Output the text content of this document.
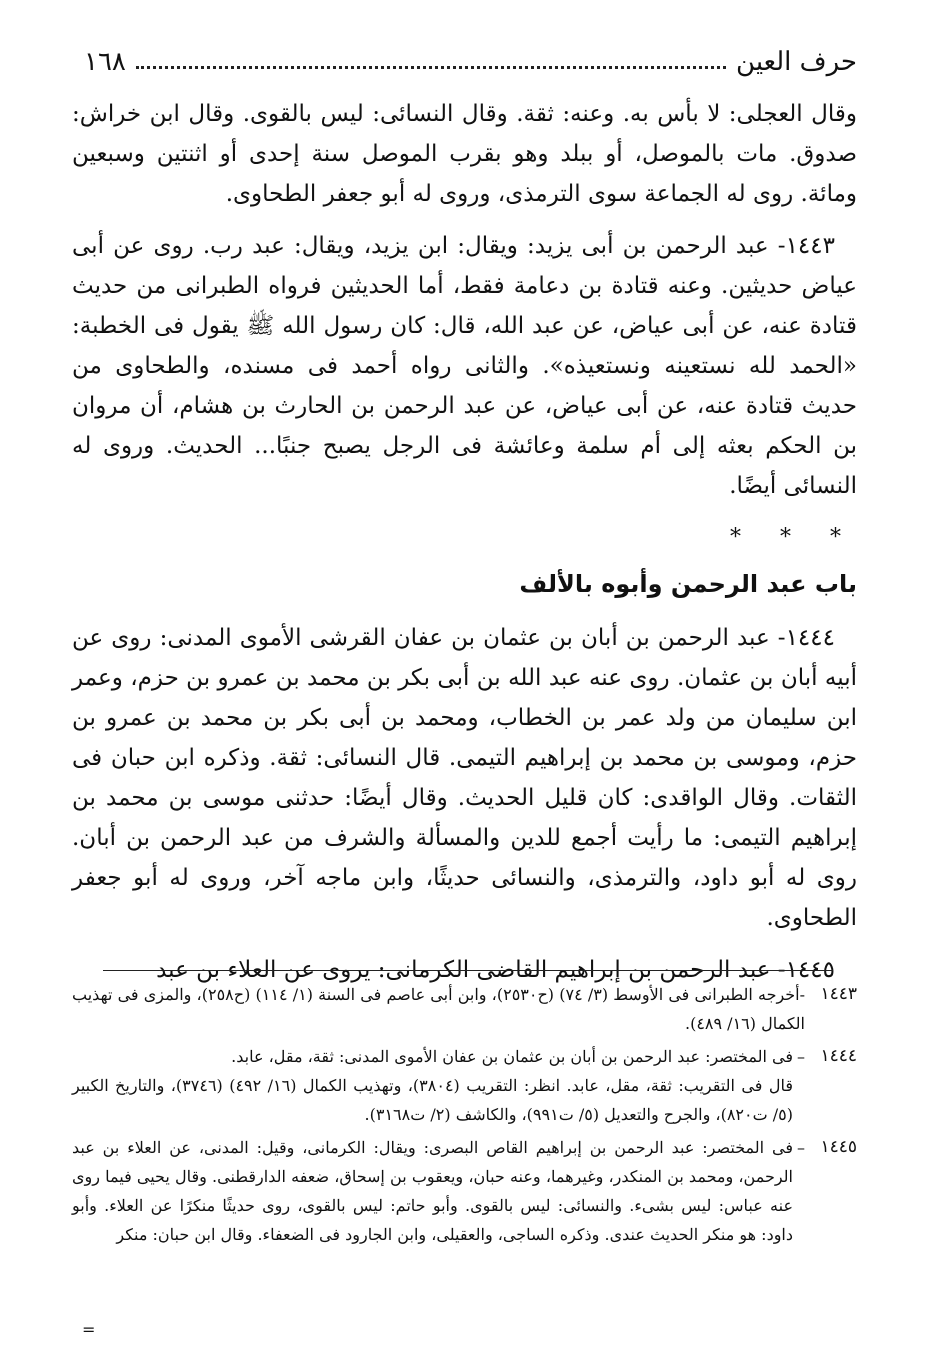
حرف العين
١٦٨

وقال العجلى: لا بأس به. وعنه: ثقة. وقال النسائى: ليس بالقوى. وقال ابن خراش: صدوق. مات بالموصل، أو ببلد وهو بقرب الموصل سنة إحدى أو اثنتين وسبعين ومائة. روى له الجماعة سوى الترمذى، وروى له أبو جعفر الطحاوى.

١٤٤٣- عبد الرحمن بن أبى يزيد: ويقال: ابن يزيد، ويقال: عبد رب. روى عن أبى عياض حديثين. وعنه قتادة بن دعامة فقط، أما الحديثين فرواه الطبرانى من حديث قتادة عنه، عن أبى عياض، عن عبد الله، قال: كان رسول الله ﷺ يقول فى الخطبة: «الحمد لله نستعينه ونستعيذه». والثانى رواه أحمد فى مسنده، والطحاوى من حديث قتادة عنه، عن أبى عياض، عن عبد الرحمن بن الحارث بن هشام، أن مروان بن الحكم بعثه إلى أم سلمة وعائشة فى الرجل يصبح جنبًا... الحديث. وروى له النسائى أيضًا.

* * *
باب عبد الرحمن وأبوه بالألف

١٤٤٤- عبد الرحمن بن أبان بن عثمان بن عفان القرشى الأموى المدنى: روى عن أبيه أبان بن عثمان. روى عنه عبد الله بن أبى بكر بن محمد بن عمرو بن حزم، وعمر ابن سليمان من ولد عمر بن الخطاب، ومحمد بن أبى بكر بن محمد بن عمرو بن حزم، وموسى بن محمد بن إبراهيم التيمى. قال النسائى: ثقة. وذكره ابن حبان فى الثقات. وقال الواقدى: كان قليل الحديث. وقال أيضًا: حدثنى موسى بن محمد بن إبراهيم التيمى: ما رأيت أجمع للدين والمسألة والشرف من عبد الرحمن بن أبان. روى له أبو داود، والترمذى، والنسائى حديثًا، وابن ماجه آخر، وروى له أبو جعفر الطحاوى.

١٤٤٥- عبد الرحمن بن إبراهيم القاضى الكرمانى: يروى عن العلاء بن عبد

١٤٤٣

-أخرجه الطبرانى فى الأوسط (٣/ ٧٤) (ح٢٥٣٠)، وابن أبى عاصم فى السنة (١/ ١١٤) (ح٢٥٨)، والمزى فى تهذيب الكمال (١٦/ ٤٨٩).

١٤٤٤
–

فى المختصر: عبد الرحمن بن أبان بن عثمان بن عفان الأموى المدنى: ثقة، مقل، عابد.

قال فى التقريب: ثقة، مقل، عابد. انظر: التقريب (٣٨٠٤)، وتهذيب الكمال (١٦/ ٤٩٢) (٣٧٤٦)، والتاريخ الكبير (٥/ ت٨٢٠)، والجرح والتعديل (٥/ ت٩٩١)، والكاشف (٢/ ت٣١٦٨).

١٤٤٥
–

فى المختصر: عبد الرحمن بن إبراهيم القاص البصرى: ويقال: الكرمانى، وقيل: المدنى، عن العلاء بن عبد الرحمن، ومحمد بن المنكدر، وغيرهما، وعنه حبان، ويعقوب بن إسحاق، ضعفه الدارقطنى. وقال يحيى فيما روى عنه عباس: ليس بشىء. والنسائى: ليس بالقوى. وأبو حاتم: ليس بالقوى، روى حديثًا منكرًا عن العلاء. وأبو داود: هو منكر الحديث عندى. وذكره الساجى، والعقيلى، وابن الجارود فى الضعفاء. وقال ابن حبان: منكر

=
